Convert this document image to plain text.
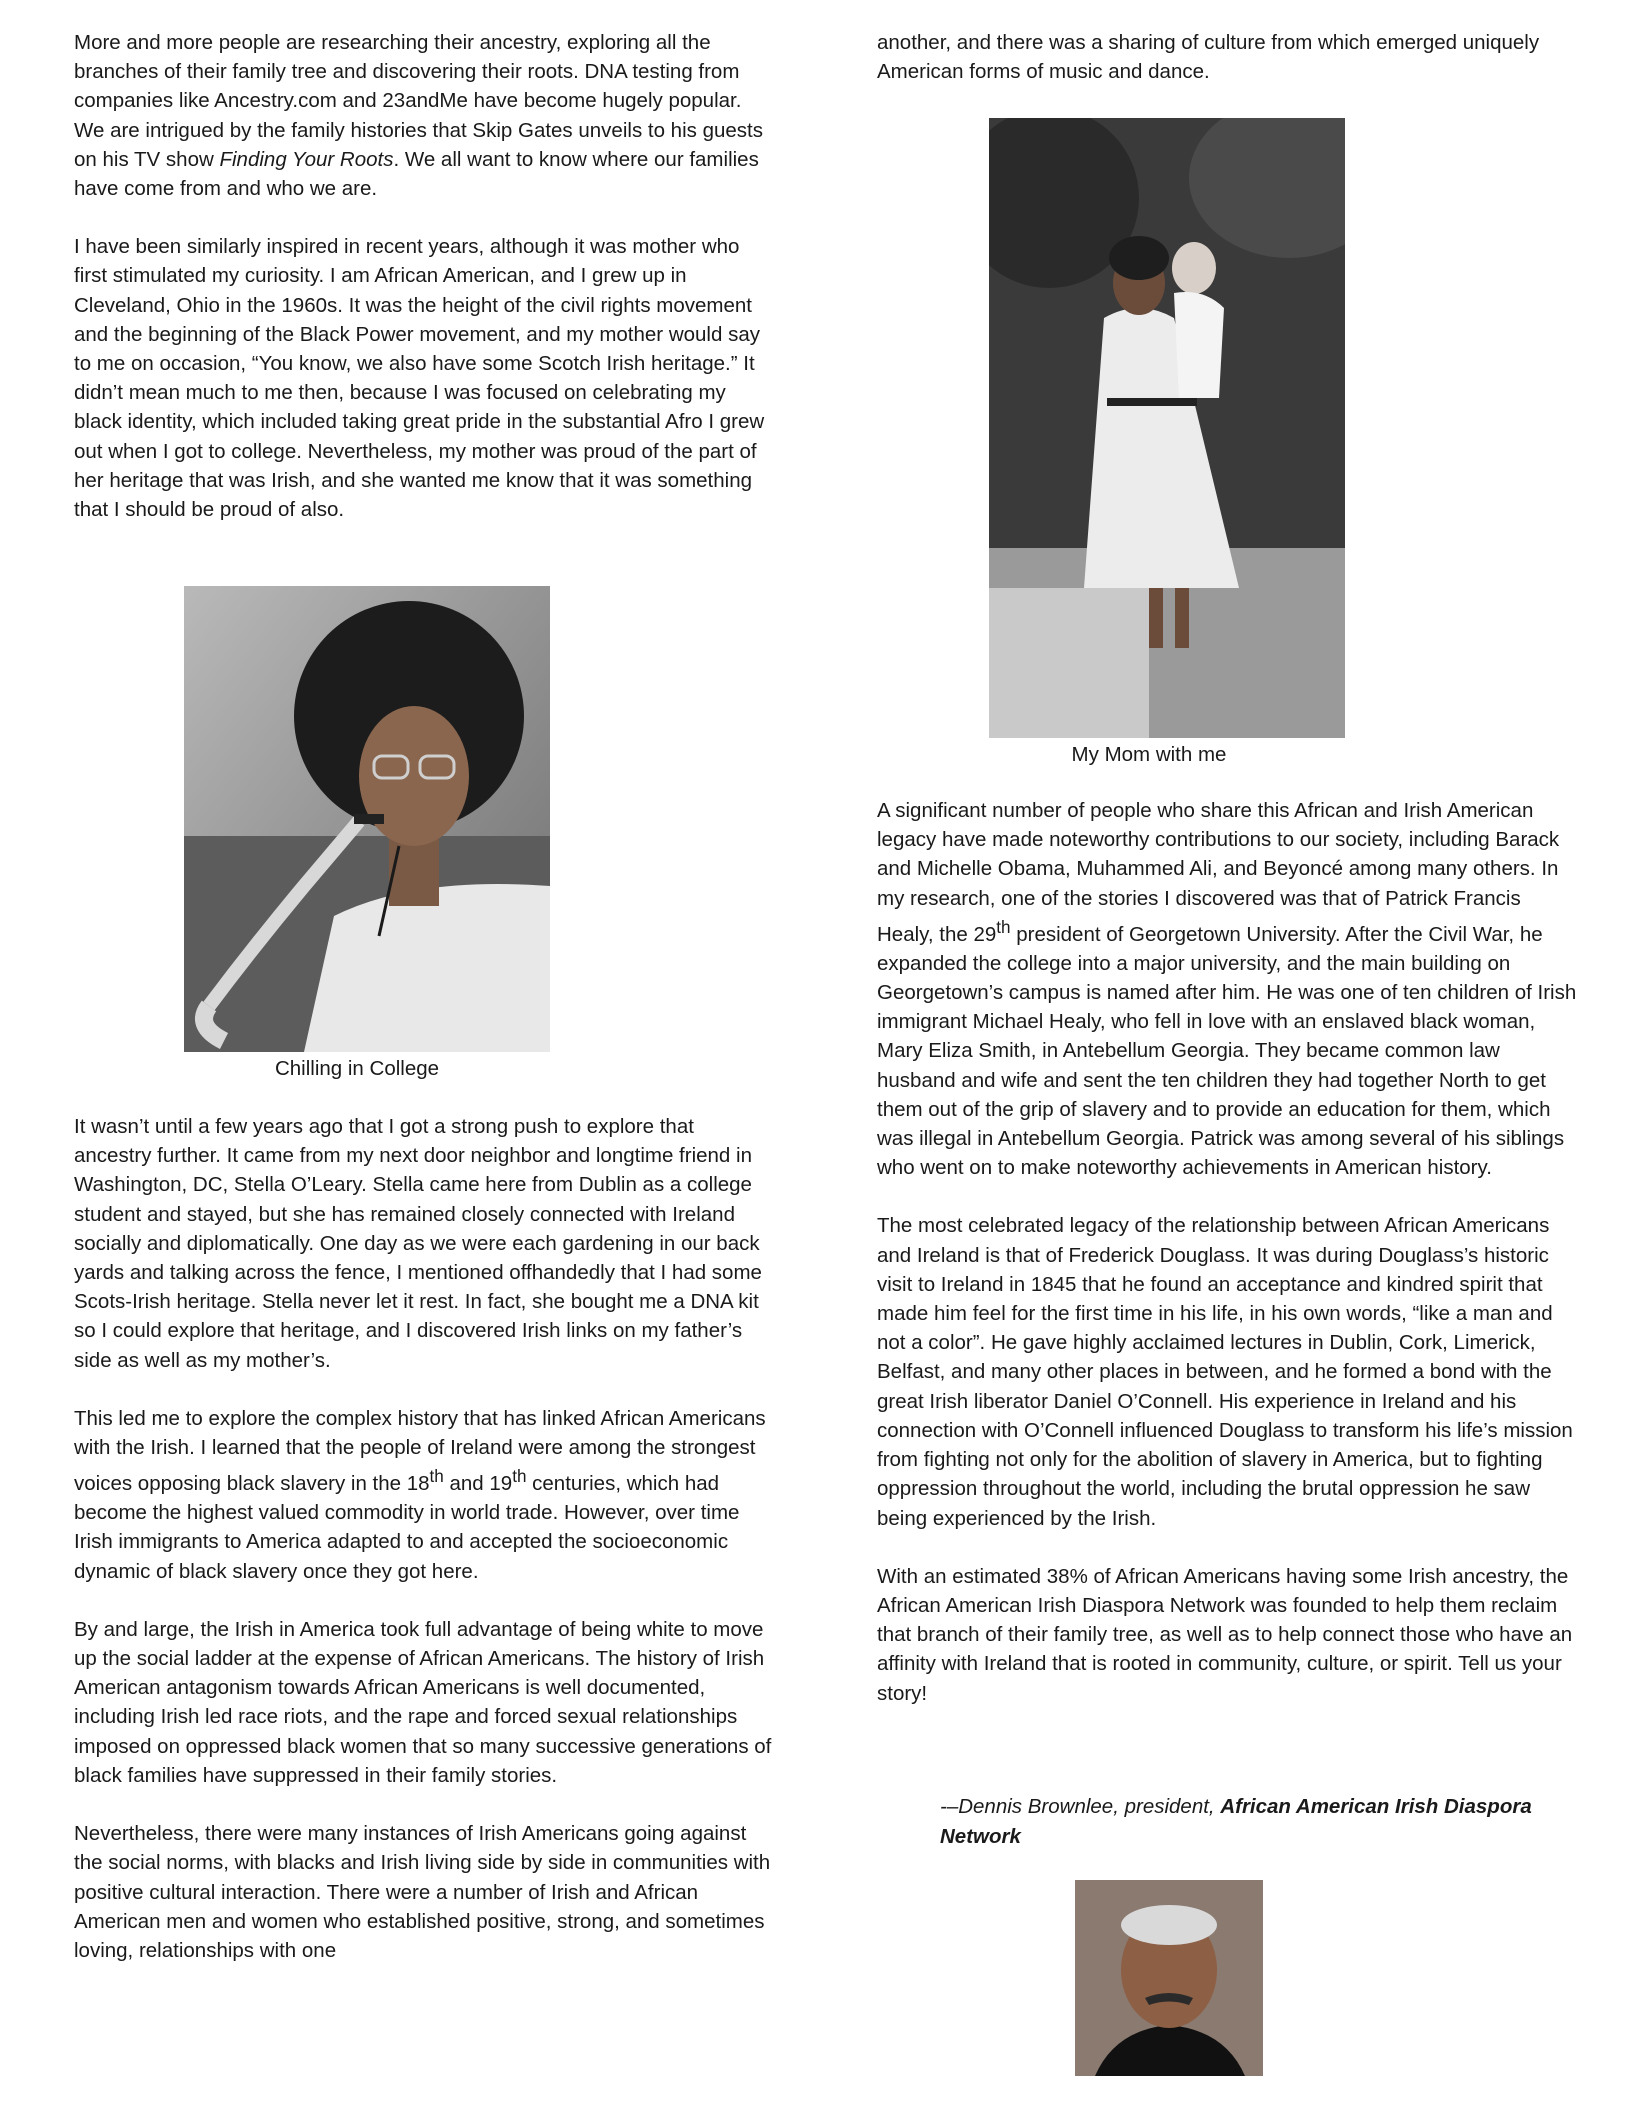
More and more people are researching their ancestry, exploring all the branches of their family tree and discovering their roots. DNA testing from companies like Ancestry.com and 23andMe have become hugely popular. We are intrigued by the family histories that Skip Gates unveils to his guests on his TV show Finding Your Roots. We all want to know where our families have come from and who we are.

I have been similarly inspired in recent years, although it was mother who first stimulated my curiosity. I am African American, and I grew up in Cleveland, Ohio in the 1960s. It was the height of the civil rights movement and the beginning of the Black Power movement, and my mother would say to me on occasion, “You know, we also have some Scotch Irish heritage.” It didn’t mean much to me then, because I was focused on celebrating my black identity, which included taking great pride in the substantial Afro I grew out when I got to college. Nevertheless, my mother was proud of the part of her heritage that was Irish, and she wanted me know that it was something that I should be proud of also.

Chilling in College

It wasn’t until a few years ago that I got a strong push to explore that ancestry further. It came from my next door neighbor and longtime friend in Washington, DC, Stella O’Leary. Stella came here from Dublin as a college student and stayed, but she has remained closely connected with Ireland socially and diplomatically. One day as we were each gardening in our back yards and talking across the fence, I mentioned offhandedly that I had some Scots-Irish heritage. Stella never let it rest. In fact, she bought me a DNA kit so I could explore that heritage, and I discovered Irish links on my father’s side as well as my mother’s.

This led me to explore the complex history that has linked African Americans with the Irish. I learned that the people of Ireland were among the strongest voices opposing black slavery in the 18th and 19th centuries, which had become the highest valued commodity in world trade. However, over time Irish immigrants to America adapted to and accepted the socioeconomic dynamic of black slavery once they got here.

By and large, the Irish in America took full advantage of being white to move up the social ladder at the expense of African Americans. The history of Irish American antagonism towards African Americans is well documented, including Irish led race riots, and the rape and forced sexual relationships imposed on oppressed black women that so many successive generations of black families have suppressed in their family stories.

Nevertheless, there were many instances of Irish Americans going against the social norms, with blacks and Irish living side by side in communities with positive cultural interaction. There were a number of Irish and African American men and women who established positive, strong, and sometimes loving, relationships with one

another, and there was a sharing of culture from which emerged uniquely American forms of music and dance.

My Mom with me

A significant number of people who share this African and Irish American legacy have made noteworthy contributions to our society, including Barack and Michelle Obama, Muhammed Ali, and Beyoncé among many others. In my research, one of the stories I discovered was that of Patrick Francis Healy, the 29th president of Georgetown University. After the Civil War, he expanded the college into a major university, and the main building on Georgetown’s campus is named after him. He was one of ten children of Irish immigrant Michael Healy, who fell in love with an enslaved black woman, Mary Eliza Smith, in Antebellum Georgia. They became common law husband and wife and sent the ten children they had together North to get them out of the grip of slavery and to provide an education for them, which was illegal in Antebellum Georgia. Patrick was among several of his siblings who went on to make noteworthy achievements in American history.

The most celebrated legacy of the relationship between African Americans and Ireland is that of Frederick Douglass. It was during Douglass’s historic visit to Ireland in 1845 that he found an acceptance and kindred spirit that made him feel for the first time in his life, in his own words, “like a man and not a color”. He gave highly acclaimed lectures in Dublin, Cork, Limerick, Belfast, and many other places in between, and he formed a bond with the great Irish liberator Daniel O’Connell. His experience in Ireland and his connection with O’Connell influenced Douglass to transform his life’s mission from fighting not only for the abolition of slavery in America, but to fighting oppression throughout the world, including the brutal oppression he saw being experienced by the Irish.

With an estimated 38% of African Americans having some Irish ancestry, the African American Irish Diaspora Network was founded to help them reclaim that branch of their family tree, as well as to help connect those who have an affinity with Ireland that is rooted in community, culture, or spirit. Tell us your story!

-–Dennis Brownlee, president, African American Irish Diaspora Network
